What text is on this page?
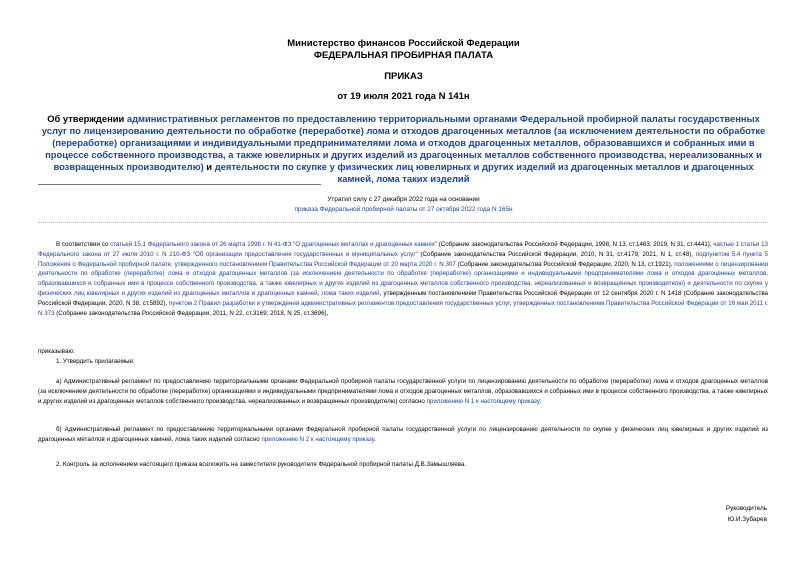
Министерство финансов Российской Федерации
ФЕДЕРАЛЬНАЯ ПРОБИРНАЯ ПАЛАТА
ПРИКАЗ
от 19 июля 2021 года N 141н
Об утверждении административных регламентов по предоставлению территориальными органами Федеральной пробирной палаты государственных услуг по лицензированию деятельности по обработке (переработке) лома и отходов драгоценных металлов (за исключением деятельности по обработке (переработке) организациями и индивидуальными предпринимателями лома и отходов драгоценных металлов, образовавшихся и собранных ими в процессе собственного производства, а также ювелирных и других изделий из драгоценных металлов собственного производства, нереализованных и возвращенных производителю) и деятельности по скупке у физических лиц ювелирных и других изделий из драгоценных металлов и драгоценных камней, лома таких изделий
Утратил силу с 27 декабря 2022 года на основании
приказа Федеральной пробирной палаты от 27 октября 2022 года N 165н
В соответствии со статьей 15.1 Федерального закона от 26 марта 1998 г. N 41-ФЗ "О драгоценных металлах и драгоценных камнях" (Собрание законодательства Российской Федерации, 1998, N 13, ст.1463; 2019, N 31, ст.4441), частью 1 статьи 13 Федерального закона от 27 июля 2010 г. N 210-ФЗ "Об организации предоставления государственных и муниципальных услуг" (Собрание законодательства Российской Федерации, 2010, N 31, ст.4179; 2021, N 1, ст.48), подпунктом 5.4 пункта 5 Положения о Федеральной пробирной палате, утвержденного постановлением Правительства Российской Федерации от 20 марта 2020 г. N 307 (Собрание законодательства Российской Федерации, 2020, N 13, ст.1921), положениями о лицензировании деятельности по обработке (переработке) лома и отходов драгоценных металлов (за исключением деятельности по обработке (переработке) организациями и индивидуальными предпринимателями лома и отходов драгоценных металлов, образовавшихся и собранных ими в процессе собственного производства, а также ювелирных и других изделий из драгоценных металлов собственного производства, нереализованных и возвращенных производителю) и деятельности по скупке у физических лиц ювелирных и других изделий из драгоценных металлов и драгоценных камней, лома таких изделий, утвержденным постановлением Правительства Российской Федерации от 12 сентября 2020 г. N 1418 (Собрание законодательства Российской Федерации, 2020, N 38, ст.5892), пунктом 2 Правил разработки и утверждения административных регламентов предоставления государственных услуг, утвержденных постановлением Правительства Российской Федерации от 16 мая 2011 г. N 373 (Собрание законодательства Российской Федерации, 2011, N 22, ст.3169; 2018, N 25, ст.3696),
приказываю:
1. Утвердить прилагаемые:
а) Административный регламент по предоставлению территориальными органами Федеральной пробирной палаты государственной услуги по лицензированию деятельности по обработке (переработке) лома и отходов драгоценных металлов (за исключением деятельности по обработке (переработке) организациями и индивидуальными предпринимателями лома и отходов драгоценных металлов, образовавшихся и собранных ими в процессе собственного производства, а также ювелирных и других изделий из драгоценных металлов собственного производства, нереализованных и возвращенных производителю) согласно приложению N 1 к настоящему приказу;
б) Административный регламент по предоставлению территориальными органами Федеральной пробирной палаты государственной услуги по лицензированию деятельности по скупке у физических лиц ювелирных и других изделий из драгоценных металлов и драгоценных камней, лома таких изделий согласно приложению N 2 к настоящему приказу.
2. Контроль за исполнением настоящего приказа возложить на заместителя руководителя Федеральной пробирной палаты Д.В.Замышляева.
Руководитель
Ю.И.Зубарев
